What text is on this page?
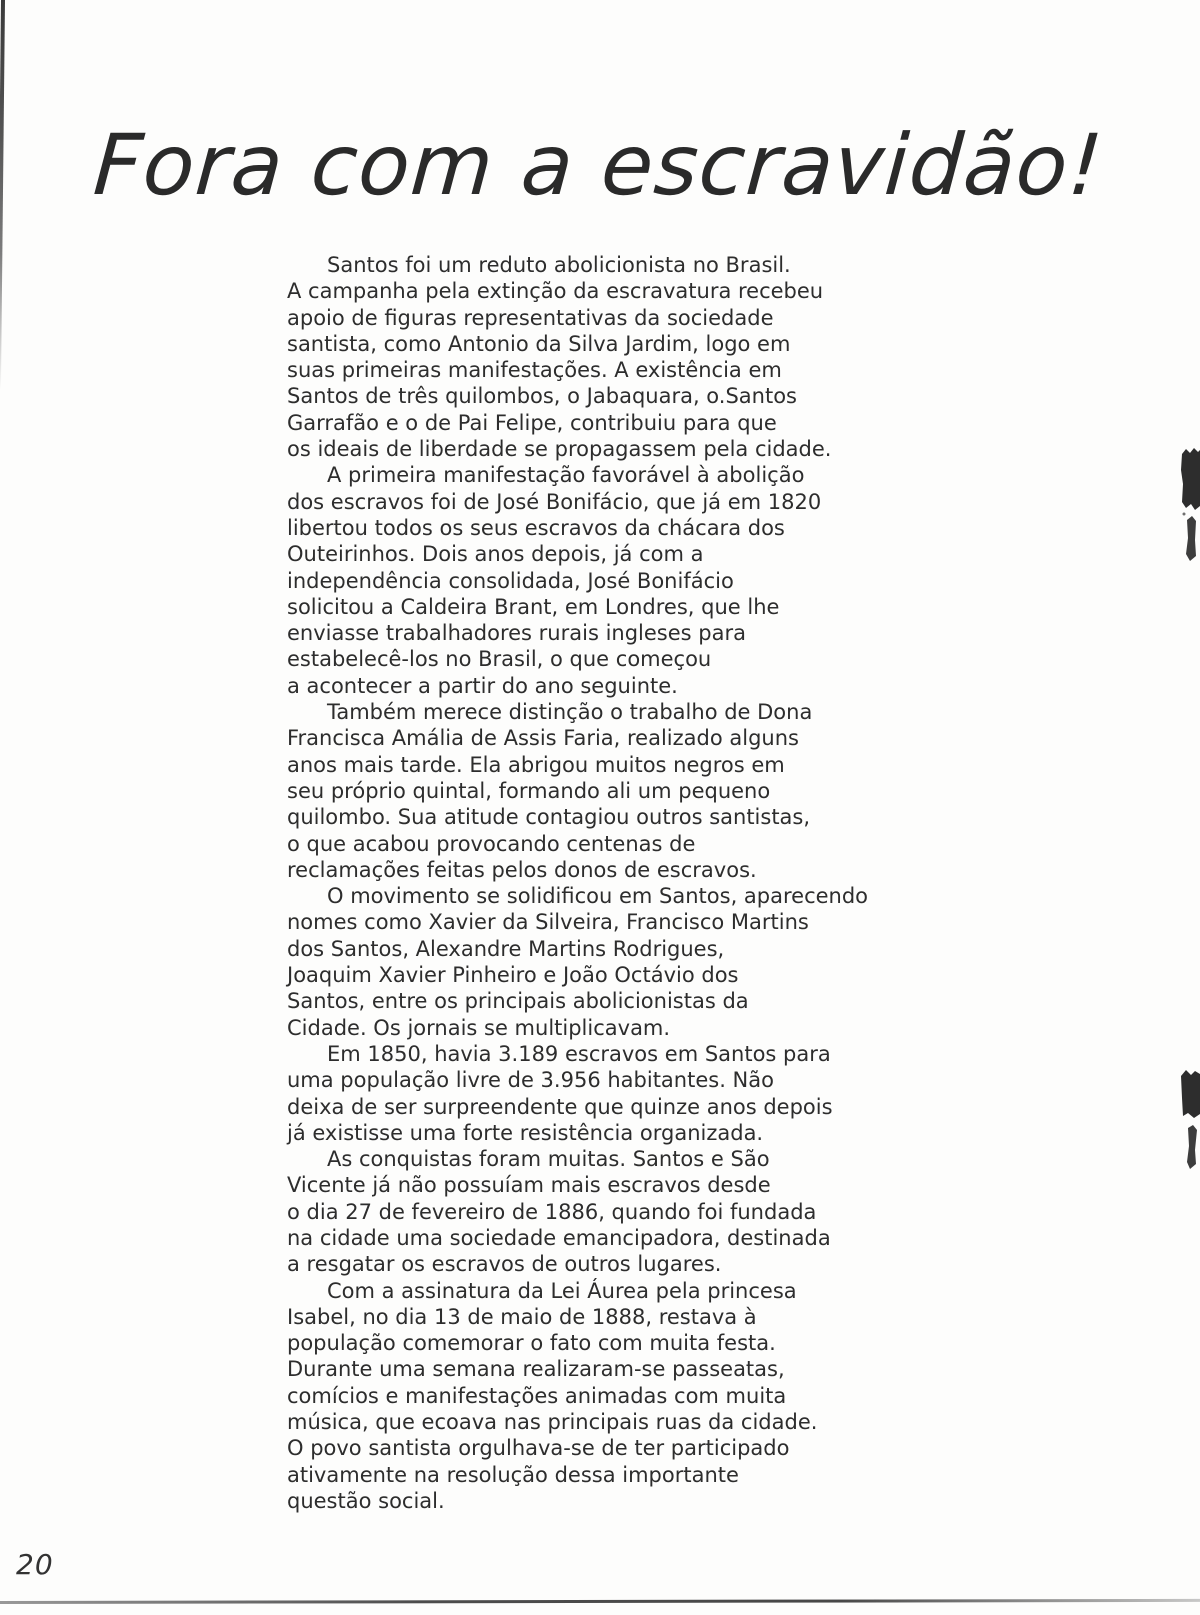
Fora com a escravidão!

Santos foi um reduto abolicionista no Brasil.
A campanha pela extinção da escravatura recebeu
apoio de figuras representativas da sociedade
santista, como Antonio da Silva Jardim, logo em
suas primeiras manifestações. A existência em
Santos de três quilombos, o Jabaquara, o.Santos
Garrafão e o de Pai Felipe, contribuiu para que
os ideais de liberdade se propagassem pela cidade.

A primeira manifestação favorável à abolição
dos escravos foi de José Bonifácio, que já em 1820
libertou todos os seus escravos da chácara dos
Outeirinhos. Dois anos depois, já com a
independência consolidada, José Bonifácio
solicitou a Caldeira Brant, em Londres, que lhe
enviasse trabalhadores rurais ingleses para
estabelecê-los no Brasil, o que começou
a acontecer a partir do ano seguinte.

Também merece distinção o trabalho de Dona
Francisca Amália de Assis Faria, realizado alguns
anos mais tarde. Ela abrigou muitos negros em
seu próprio quintal, formando ali um pequeno
quilombo. Sua atitude contagiou outros santistas,
o que acabou provocando centenas de
reclamações feitas pelos donos de escravos.

O movimento se solidificou em Santos, aparecendo
nomes como Xavier da Silveira, Francisco Martins
dos Santos, Alexandre Martins Rodrigues,
Joaquim Xavier Pinheiro e João Octávio dos
Santos, entre os principais abolicionistas da
Cidade. Os jornais se multiplicavam.

Em 1850, havia 3.189 escravos em Santos para
uma população livre de 3.956 habitantes. Não
deixa de ser surpreendente que quinze anos depois
já existisse uma forte resistência organizada.

As conquistas foram muitas. Santos e São
Vicente já não possuíam mais escravos desde
o dia 27 de fevereiro de 1886, quando foi fundada
na cidade uma sociedade emancipadora, destinada
a resgatar os escravos de outros lugares.

Com a assinatura da Lei Áurea pela princesa
Isabel, no dia 13 de maio de 1888, restava à
população comemorar o fato com muita festa.
Durante uma semana realizaram-se passeatas,
comícios e manifestações animadas com muita
música, que ecoava nas principais ruas da cidade.
O povo santista orgulhava-se de ter participado
ativamente na resolução dessa importante
questão social.

20
